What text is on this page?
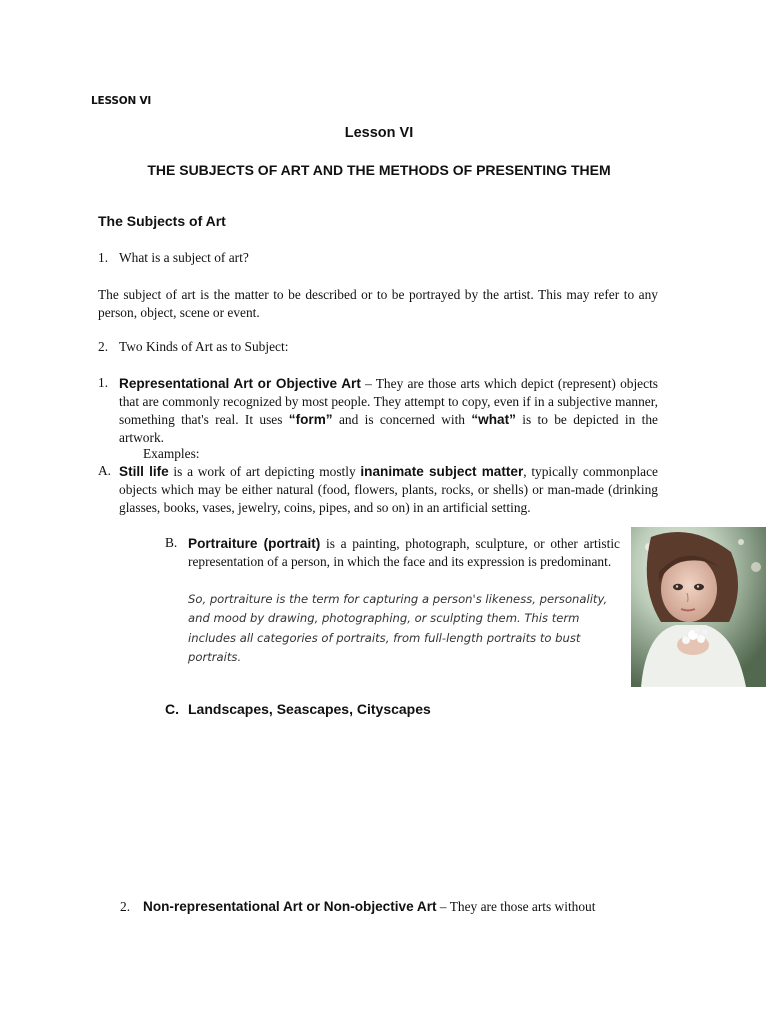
LESSON VI
Lesson VI
THE SUBJECTS OF ART AND THE METHODS OF PRESENTING THEM
The Subjects of Art
1. What is a subject of art?
The subject of art is the matter to be described or to be portrayed by the artist. This may refer to any person, object, scene or event.
2. Two Kinds of Art as to Subject:
1. Representational Art or Objective Art – They are those arts which depict (represent) objects that are commonly recognized by most people. They attempt to copy, even if in a subjective manner, something that's real. It uses “form” and is concerned with “what” is to be depicted in the artwork.
Examples:
A. Still life is a work of art depicting mostly inanimate subject matter, typically commonplace objects which may be either natural (food, flowers, plants, rocks, or shells) or man-made (drinking glasses, books, vases, jewelry, coins, pipes, and so on) in an artificial setting.
B. Portraiture (portrait) is a painting, photograph, sculpture, or other artistic representation of a person, in which the face and its expression is predominant.
So, portraiture is the term for capturing a person's likeness, personality, and mood by drawing, photographing, or sculpting them. This term includes all categories of portraits, from full-length portraits to bust portraits.
C. Landscapes, Seascapes, Cityscapes
2. Non-representational Art or Non-objective Art – They are those arts without
